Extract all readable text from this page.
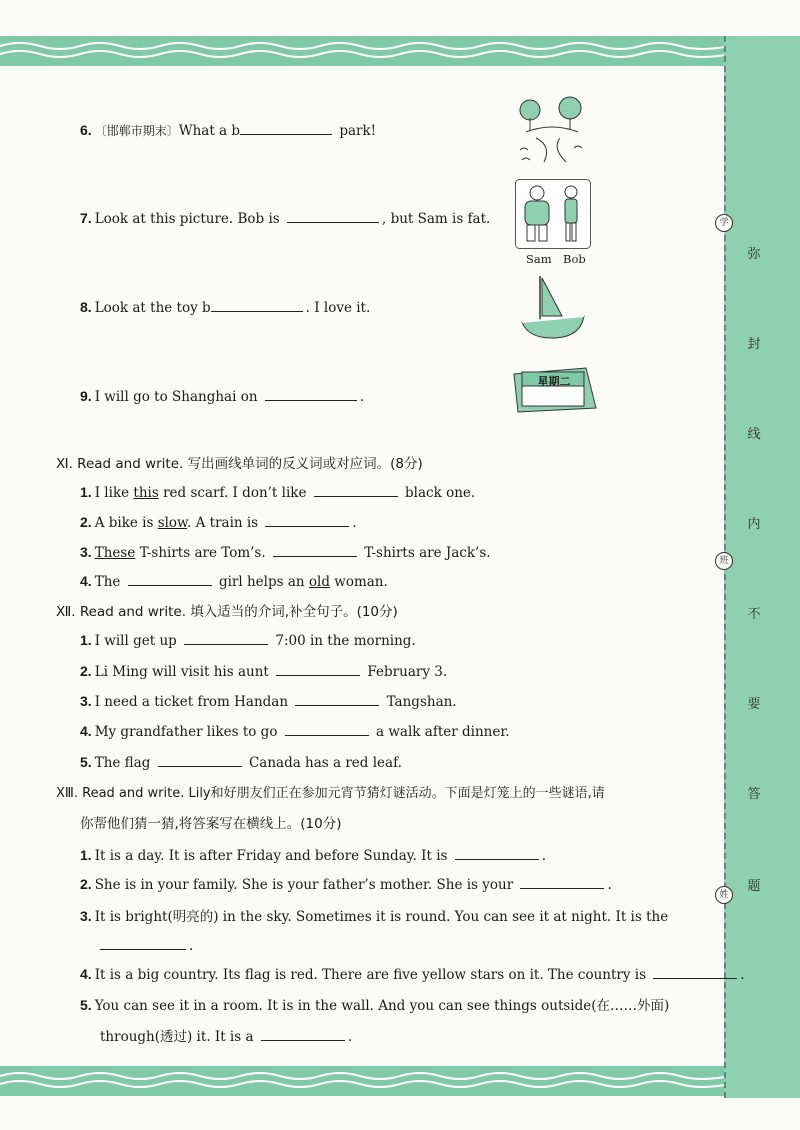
学
班
姓
弥
封
线
内
不
要
答
题
6. 〔邯郸市期末〕What a b	park!
7. Look at this picture. Bob is	, but Sam is fat.
Sam Bob
8. Look at the toy b	. I love it.
9. I will go to Shanghai on	.
星期二
Ⅺ. Read and write. 写出画线单词的反义词或对应词。(8分)
1. I like this red scarf. I don’t like	black one.
2. A bike is slow. A train is	.
3. These T-shirts are Tom’s.	T-shirts are Jack’s.
4. The	girl helps an old woman.
Ⅻ. Read and write. 填入适当的介词,补全句子。(10分)
1. I will get up	7:00 in the morning.
2. Li Ming will visit his aunt	February 3.
3. I need a ticket from Handan	Tangshan.
4. My grandfather likes to go	a walk after dinner.
5. The flag	Canada has a red leaf.
ⅩⅢ. Read and write. Lily和好朋友们正在参加元宵节猜灯谜活动。下面是灯笼上的一些谜语,请
你帮他们猜一猜,将答案写在横线上。(10分)
1. It is a day. It is after Friday and before Sunday. It is	.
2. She is in your family. She is your father’s mother. She is your	.
3. It is bright(明亮的) in the sky. Sometimes it is round. You can see it at night. It is the
.
4. It is a big country. Its flag is red. There are five yellow stars on it. The country is	.
5. You can see it in a room. It is in the wall. And you can see things outside(在……外面)
through(透过) it. It is a	.
